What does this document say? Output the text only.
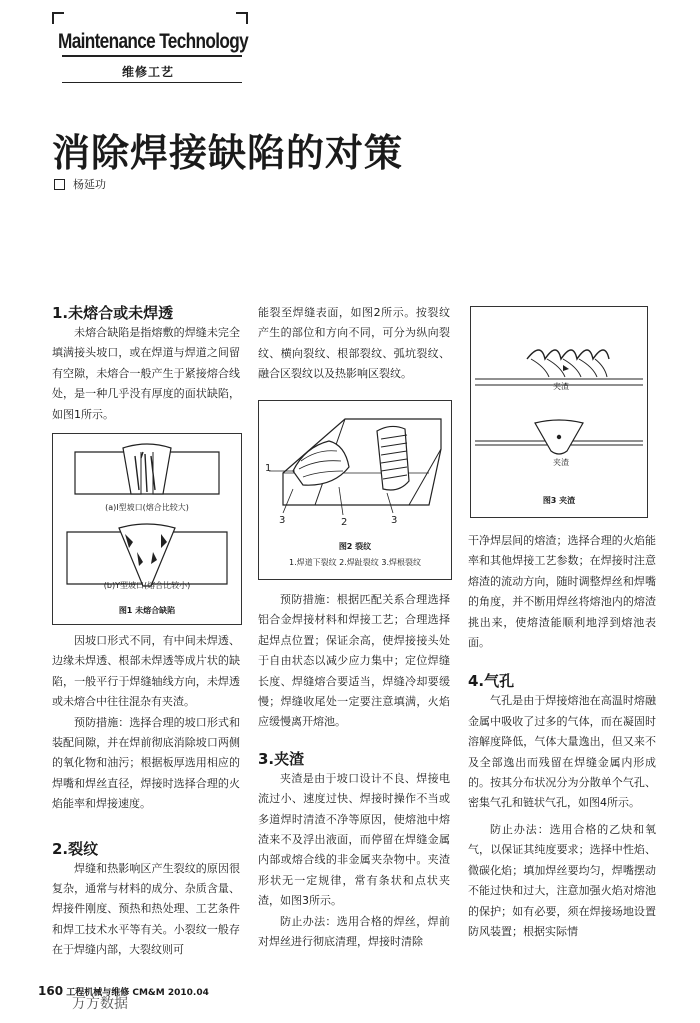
Maintenance Technology
维修工艺
消除焊接缺陷的对策
杨延功
1.未熔合或未焊透

未熔合缺陷是指熔敷的焊缝未完全填满接头坡口，或在焊道与焊道之间留有空隙，未熔合一般产生于紧接熔合线处，是一种几乎没有厚度的面状缺陷，如图1所示。

(a)I型坡口(熔合比较大)
(b)Y型坡口(熔合比较小)
图1 未熔合缺陷

因坡口形式不同，有中间未焊透、边缘未焊透、根部未焊透等成片状的缺陷，一般平行于焊缝轴线方向，未焊透或未熔合中往往混杂有夹渣。

预防措施：选择合理的坡口形式和装配间隙，并在焊前彻底消除坡口两侧的氧化物和油污；根据板厚选用相应的焊嘴和焊丝直径，焊接时选择合理的火焰能率和焊接速度。

2.裂纹

焊缝和热影响区产生裂纹的原因很复杂，通常与材料的成分、杂质含量、焊接件刚度、预热和热处理、工艺条件和焊工技术水平等有关。小裂纹一般存在于焊缝内部，大裂纹则可

能裂至焊缝表面，如图2所示。按裂纹产生的部位和方向不同，可分为纵向裂纹、横向裂纹、根部裂纹、弧坑裂纹、融合区裂纹以及热影响区裂纹。

1
3	2	3
图2 裂纹
1.焊道下裂纹 2.焊趾裂纹 3.焊根裂纹

预防措施：根据匹配关系合理选择铝合金焊接材料和焊接工艺；合理选择起焊点位置；保证余高，使焊接接头处于自由状态以减少应力集中；定位焊缝长度、焊缝熔合要适当，焊缝冷却要缓慢；焊缝收尾处一定要注意填满，火焰应缓慢离开熔池。

3.夹渣

夹渣是由于坡口设计不良、焊接电流过小、速度过快、焊接时操作不当或多道焊时清渣不净等原因，使熔池中熔渣来不及浮出液面，而停留在焊缝金属内部或熔合线的非金属夹杂物中。夹渣形状无一定规律，常有条状和点状夹渣，如图3所示。

防止办法：选用合格的焊丝，焊前对焊丝进行彻底清理，焊接时清除

夹渣
夹渣
图3 夹渣

干净焊层间的熔渣；选择合理的火焰能率和其他焊接工艺参数；在焊接时注意熔渣的流动方向，随时调整焊丝和焊嘴的角度，并不断用焊丝将熔池内的熔渣挑出来，使熔渣能顺利地浮到熔池表面。

4.气孔

气孔是由于焊接熔池在高温时熔融金属中吸收了过多的气体，而在凝固时溶解度降低，气体大量逸出，但又来不及全部逸出而残留在焊缝金属内形成的。按其分布状况分为分散单个气孔、密集气孔和链状气孔，如图4所示。

防止办法：选用合格的乙炔和氧气，以保证其纯度要求；选择中性焰、微碳化焰；填加焊丝要均匀，焊嘴摆动不能过快和过大，注意加强火焰对熔池的保护；如有必要，须在焊接场地设置防风装置；根据实际情

160 工程机械与维修 CM&M 2010.04
万方数据
